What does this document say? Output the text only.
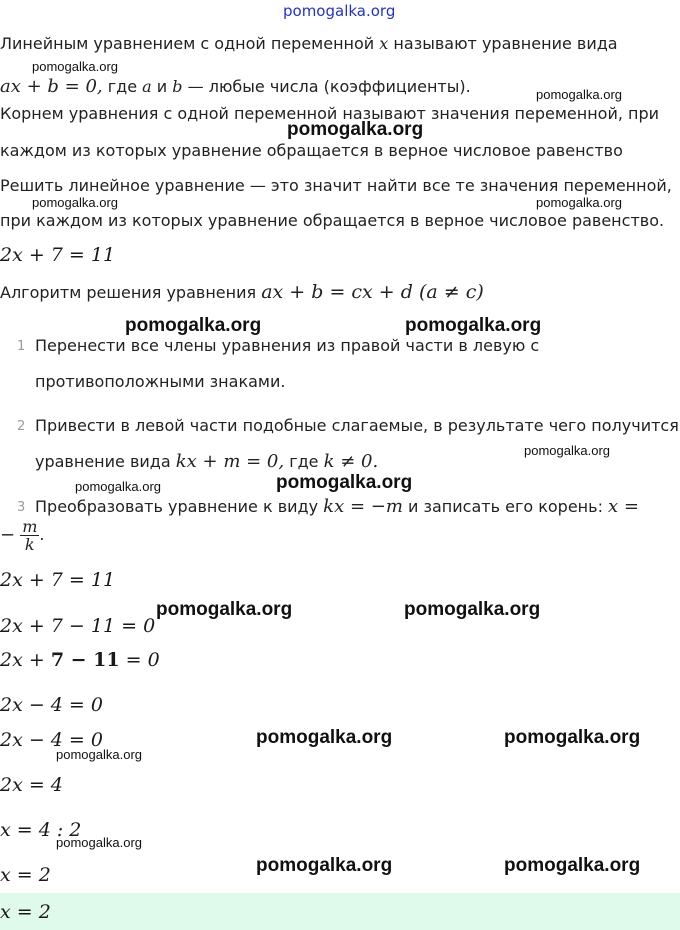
pomogalka.org
Линейным уравнением с одной переменной x называют уравнение вида
pomogalka.org
ax + b = 0, где a и b — любые числа (коэффициенты).	pomogalka.org
Корнем уравнения с одной переменной называют значения переменной, при
pomogalka.org
каждом из которых уравнение обращается в верное числовое равенство
Решить линейное уравнение — это значит найти все те значения переменной,
pomogalka.org	pomogalka.org
при каждом из которых уравнение обращается в верное числовое равенство.
2x + 7 = 11
Алгоритм решения уравнения ax + b = cx + d (a ≠ c)
pomogalka.org	pomogalka.org
1 Перенести все члены уравнения из правой части в левую с
противоположными знаками.
2 Привести в левой части подобные слагаемые, в результате чего получится
pomogalka.org
уравнение вида kx + m = 0, где k ≠ 0.
pomogalka.org	pomogalka.org
3 Преобразовать уравнение к виду kx = −m и записать его корень: x =
− $\frac{m}{k}$ .
2x + 7 = 11
pomogalka.org	pomogalka.org
2x + 7 − 11 = 0
2x + 7 − 11 = 0
2x − 4 = 0
2x − 4 = 0	pomogalka.org	pomogalka.org
pomogalka.org
2x = 4
x = 4 : 2
pomogalka.org
x = 2	pomogalka.org	pomogalka.org
x = 2
